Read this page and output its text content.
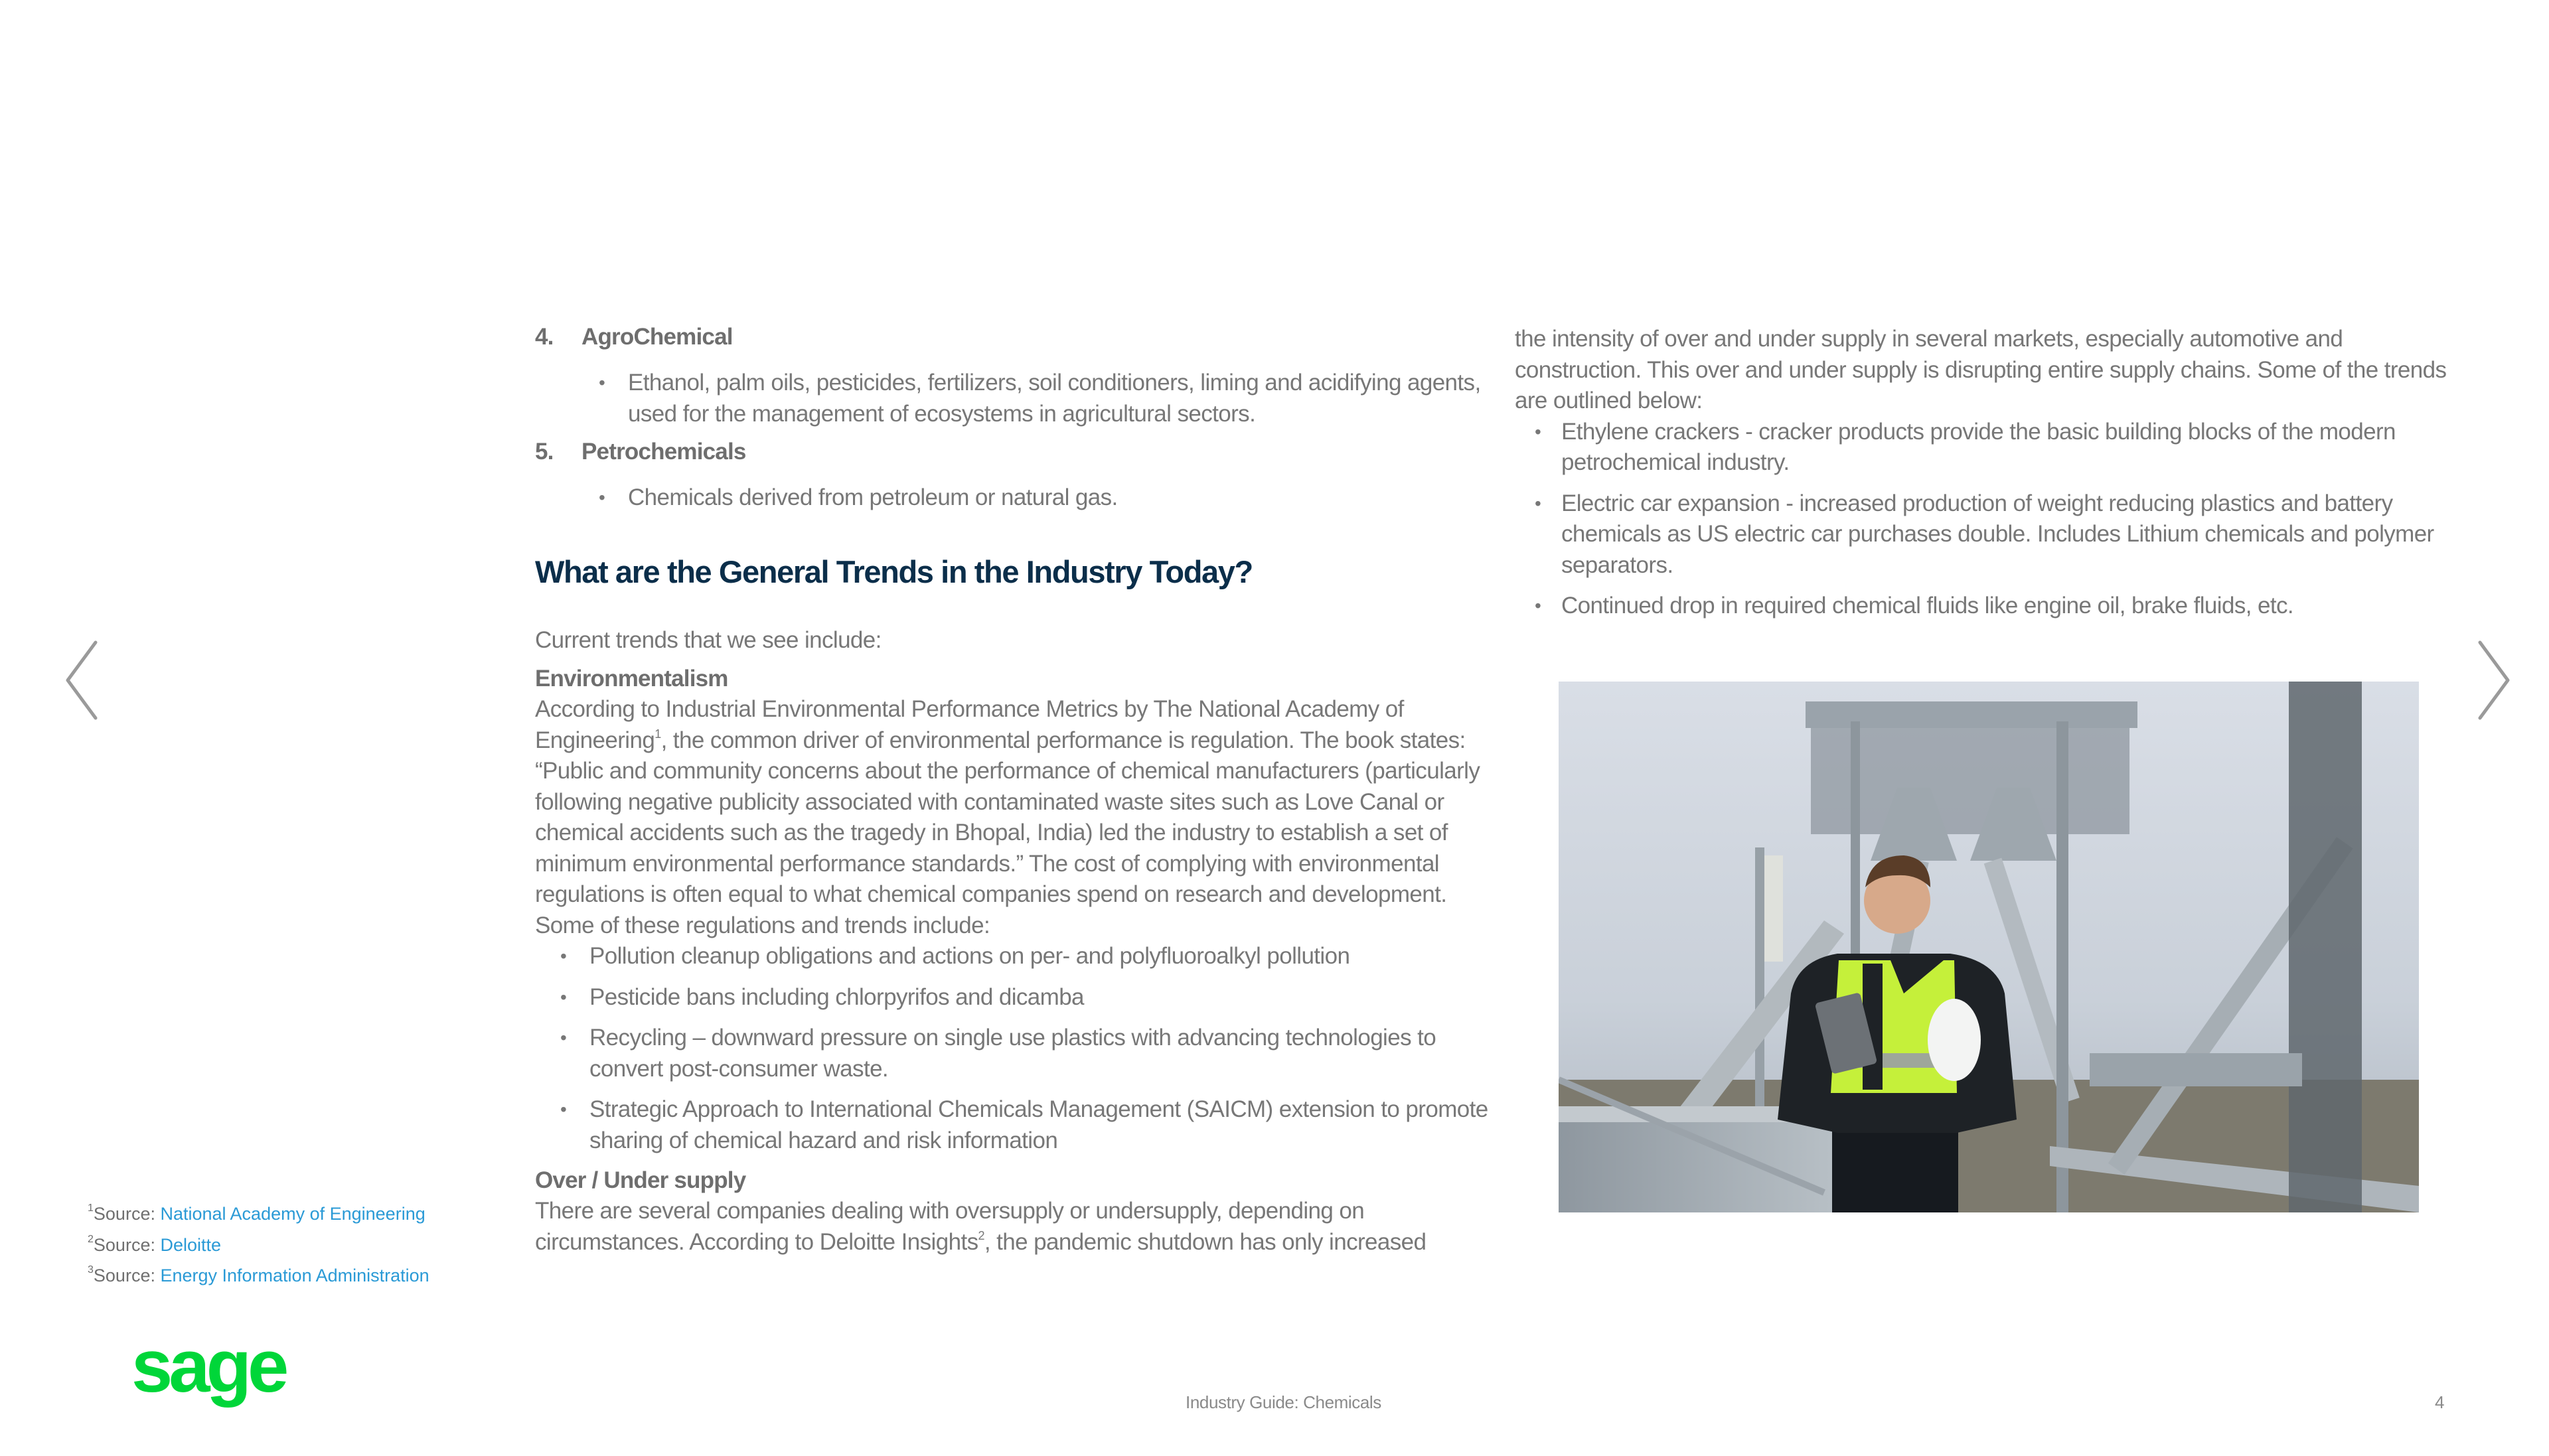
4.	AgroChemical
• Ethanol, palm oils, pesticides, fertilizers, soil conditioners, liming and acidifying agents, used for the management of ecosystems in agricultural sectors.
5.	Petrochemicals
• Chemicals derived from petroleum or natural gas.
What are the General Trends in the Industry Today?
Current trends that we see include:
Environmentalism
According to Industrial Environmental Performance Metrics by The National Academy of Engineering$^1$, the common driver of environmental performance is regulation. The book states: “Public and community concerns about the performance of chemical manufacturers (particularly following negative publicity associated with contaminated waste sites such as Love Canal or chemical accidents such as the tragedy in Bhopal, India) led the industry to establish a set of minimum environmental performance standards.” The cost of complying with environmental regulations is often equal to what chemical companies spend on research and development. Some of these regulations and trends include:
• Pollution cleanup obligations and actions on per- and polyfluoroalkyl pollution
• Pesticide bans including chlorpyrifos and dicamba
• Recycling – downward pressure on single use plastics with advancing technologies to convert post-consumer waste.
• Strategic Approach to International Chemicals Management (SAICM) extension to promote sharing of chemical hazard and risk information
Over / Under supply
There are several companies dealing with oversupply or undersupply, depending on circumstances. According to Deloitte Insights$^2$, the pandemic shutdown has only increased
the intensity of over and under supply in several markets, especially automotive and construction. This over and under supply is disrupting entire supply chains. Some of the trends are outlined below:
• Ethylene crackers - cracker products provide the basic building blocks of the modern petrochemical industry.
• Electric car expansion - increased production of weight reducing plastics and battery chemicals as US electric car purchases double. Includes Lithium chemicals and polymer separators.
• Continued drop in required chemical fluids like engine oil, brake fluids, etc.
$^1$Source: National Academy of Engineering
$^2$Source: Deloitte
$^3$Source: Energy Information Administration
sage	Industry Guide: Chemicals	4
